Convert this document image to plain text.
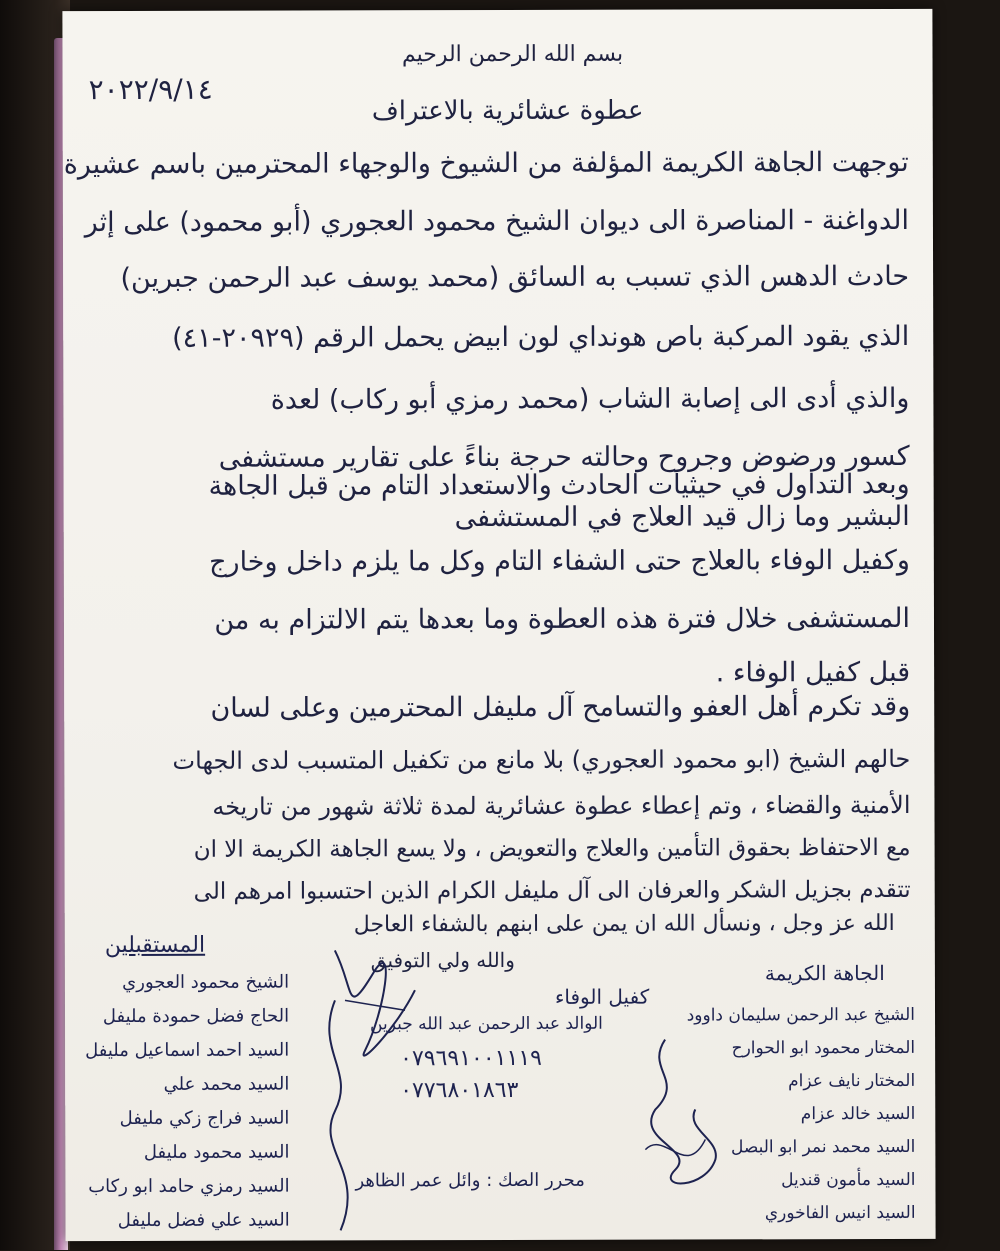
بسم الله الرحمن الرحيم
٢٠٢٢/٩/١٤
عطوة عشائرية بالاعتراف
توجهت الجاهة الكريمة المؤلفة من الشيوخ والوجهاء المحترمين باسم عشيرة
الدواغنة - المناصرة الى ديوان الشيخ محمود العجوري (أبو محمود) على إثر
حادث الدهس الذي تسبب به السائق (محمد يوسف عبد الرحمن جبرين)
الذي يقود المركبة باص هونداي لون ابيض يحمل الرقم (٢٠٩٢٩-٤١)
والذي أدى الى إصابة الشاب (محمد رمزي أبو ركاب) لعدة
كسور ورضوض وجروح وحالته حرجة بناءً على تقارير مستشفى
البشير وما زال قيد العلاج في المستشفى
وبعد التداول في حيثيات الحادث والاستعداد التام من قبل الجاهة
وكفيل الوفاء بالعلاج حتى الشفاء التام وكل ما يلزم داخل وخارج
المستشفى خلال فترة هذه العطوة وما بعدها يتم الالتزام به من
قبل كفيل الوفاء .
وقد تكرم أهل العفو والتسامح آل مليفل المحترمين وعلى لسان
حالهم الشيخ (ابو محمود العجوري) بلا مانع من تكفيل المتسبب لدى الجهات
الأمنية والقضاء ، وتم إعطاء عطوة عشائرية لمدة ثلاثة شهور من تاريخه
مع الاحتفاظ بحقوق التأمين والعلاج والتعويض ، ولا يسع الجاهة الكريمة الا ان
تتقدم بجزيل الشكر والعرفان الى آل مليفل الكرام الذين احتسبوا امرهم الى
الله عز وجل ، ونسأل الله ان يمن على ابنهم بالشفاء العاجل
والله ولي التوفيق
المستقبلين
الشيخ محمود العجوري
الحاج فضل حمودة مليفل
السيد احمد اسماعيل مليفل
السيد محمد علي
السيد فراج زكي مليفل
السيد محمود مليفل
السيد رمزي حامد ابو ركاب
السيد علي فضل مليفل
كفيل الوفاء
الوالد عبد الرحمن عبد الله جبرين
٠٧٩٦٩١٠٠١١١٩
٠٧٧٦٨٠١٨٦٣
الجاهة الكريمة
الشيخ عبد الرحمن سليمان داوود
المختار محمود ابو الحوارح
المختار نايف عزام
السيد خالد عزام
السيد محمد نمر ابو البصل
السيد مأمون قنديل
السيد انيس الفاخوري
محرر الصك : وائل عمر الظاهر
